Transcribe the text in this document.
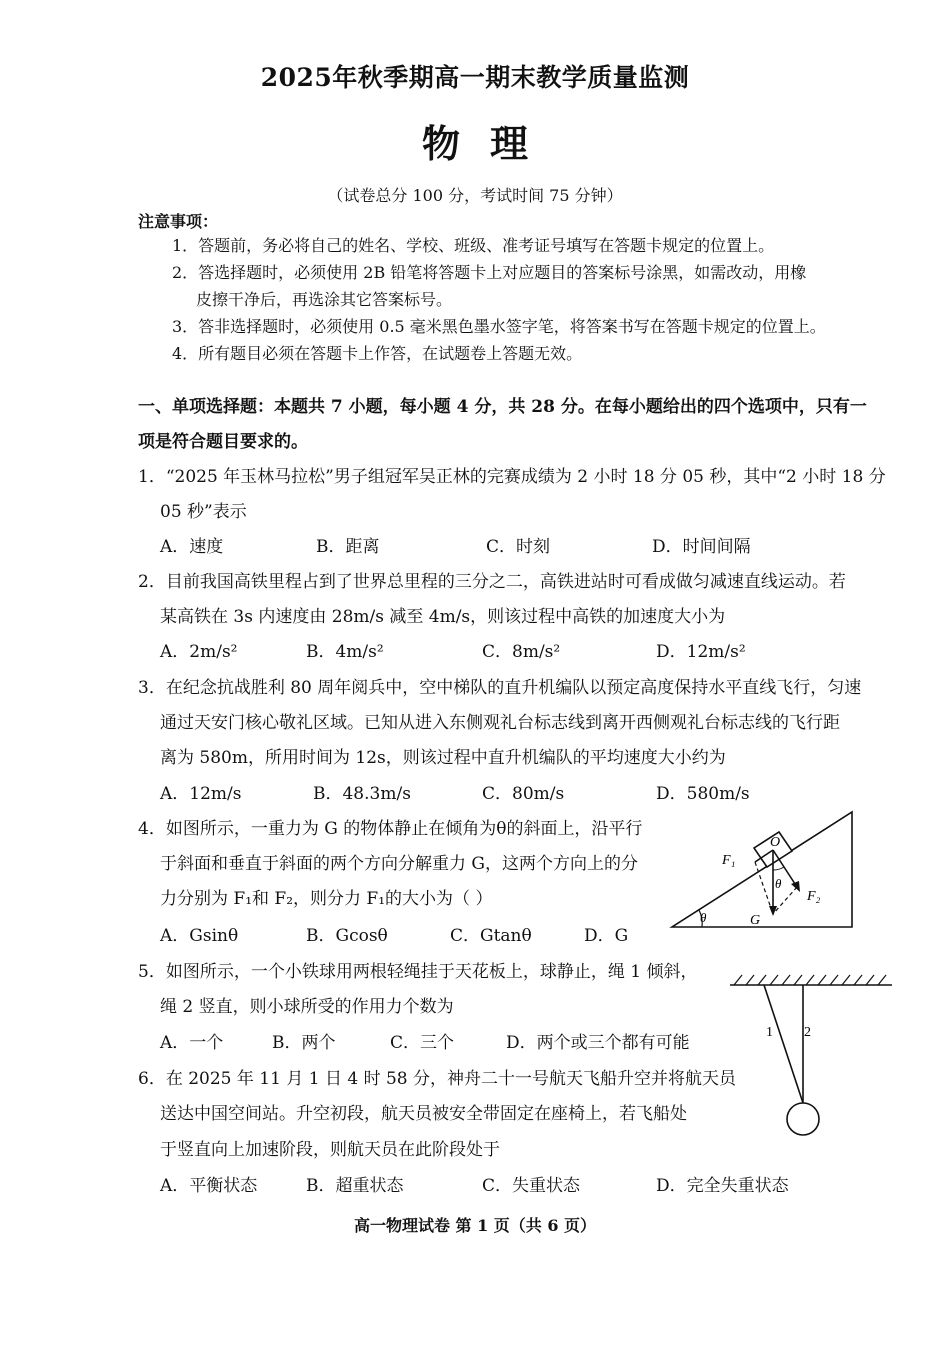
2025年秋季期高一期末教学质量监测
物理
（试卷总分 100 分，考试时间 75 分钟）
注意事项：
1．答题前，务必将自己的姓名、学校、班级、准考证号填写在答题卡规定的位置上。
2．答选择题时，必须使用 2B 铅笔将答题卡上对应题目的答案标号涂黑，如需改动，用橡
皮擦干净后，再选涂其它答案标号。
3．答非选择题时，必须使用 0.5 毫米黑色墨水签字笔，将答案书写在答题卡规定的位置上。
4．所有题目必须在答题卡上作答，在试题卷上答题无效。
一、单项选择题：本题共 7 小题，每小题 4 分，共 28 分。在每小题给出的四个选项中，只有一
项是符合题目要求的。
1．“2025 年玉林马拉松”男子组冠军吴正林的完赛成绩为 2 小时 18 分 05 秒，其中“2 小时 18 分
05 秒”表示
A．速度	B．距离	C．时刻	D．时间间隔
2．目前我国高铁里程占到了世界总里程的三分之二，高铁进站时可看成做匀减速直线运动。若
某高铁在 3s 内速度由 28m/s 减至 4m/s，则该过程中高铁的加速度大小为
A．2m/s²	B．4m/s²	C．8m/s²	D．12m/s²
3．在纪念抗战胜利 80 周年阅兵中，空中梯队的直升机编队以预定高度保持水平直线飞行，匀速
通过天安门核心敬礼区域。已知从进入东侧观礼台标志线到离开西侧观礼台标志线的飞行距
离为 580m，所用时间为 12s，则该过程中直升机编队的平均速度大小约为
A．12m/s	B．48.3m/s	C．80m/s	D．580m/s
4．如图所示，一重力为 G 的物体静止在倾角为θ的斜面上，沿平行
于斜面和垂直于斜面的两个方向分解重力 G，这两个方向上的分
力分别为 F₁和 F₂，则分力 F₁的大小为（ ）
A．Gsinθ	B．Gcosθ	C．Gtanθ	D．G
O
F₁
F₂
G
θ
θ
5．如图所示，一个小铁球用两根轻绳挂于天花板上，球静止，绳 1 倾斜，
绳 2 竖直，则小球所受的作用力个数为
A．一个	B．两个	C．三个	D．两个或三个都有可能
1 2
6．在 2025 年 11 月 1 日 4 时 58 分，神舟二十一号航天飞船升空并将航天员
送达中国空间站。升空初段，航天员被安全带固定在座椅上，若飞船处
于竖直向上加速阶段，则航天员在此阶段处于
A．平衡状态	B．超重状态	C．失重状态	D．完全失重状态
高一物理试卷 第 1 页（共 6 页）
